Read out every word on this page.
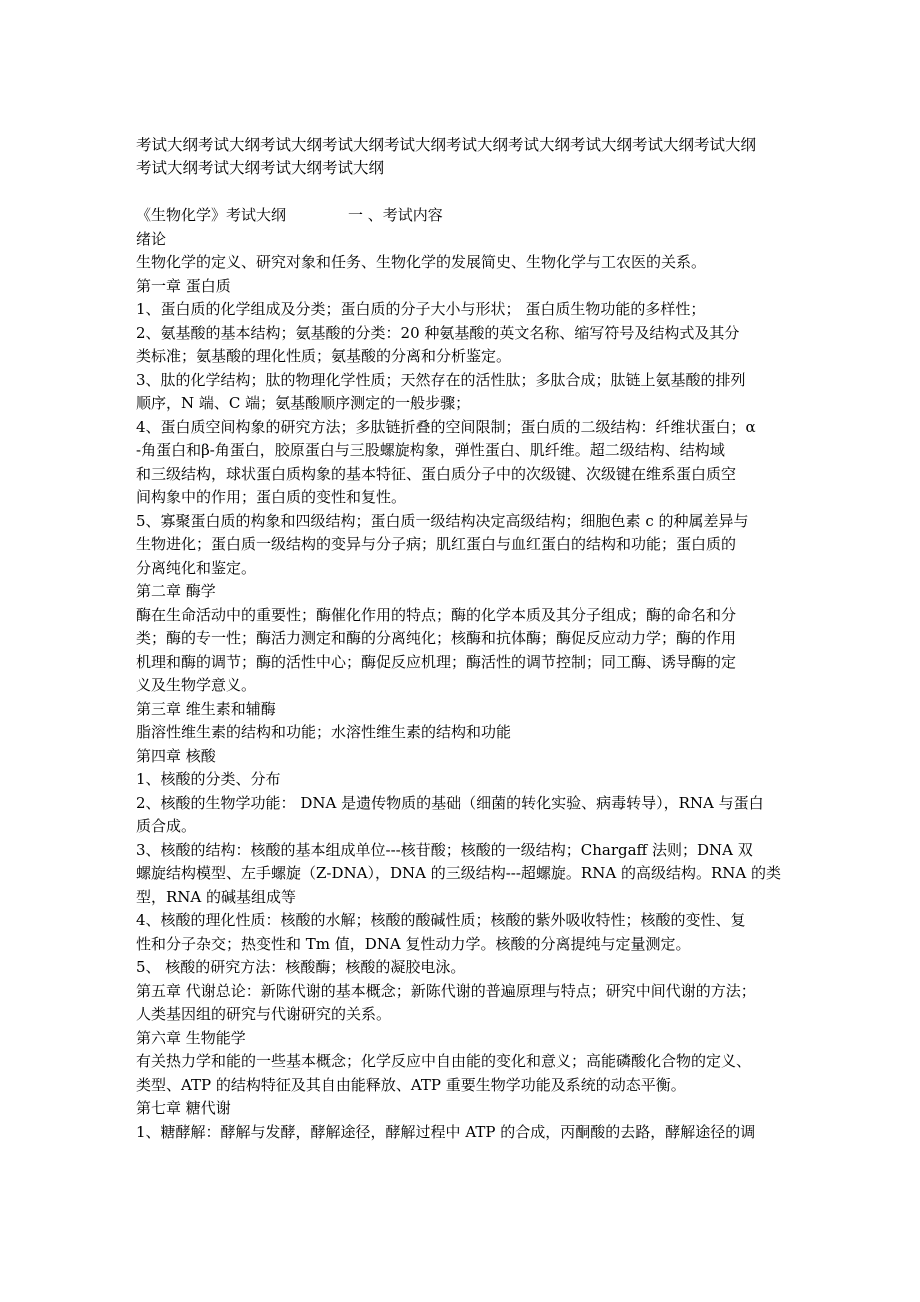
考试大纲考试大纲考试大纲考试大纲考试大纲考试大纲考试大纲考试大纲考试大纲考试大纲
考试大纲考试大纲考试大纲考试大纲
《生物化学》考试大纲	一 、考试内容
绪论
生物化学的定义、研究对象和任务、生物化学的发展简史、生物化学与工农医的关系。
第一章 蛋白质
1、蛋白质的化学组成及分类；蛋白质的分子大小与形状； 蛋白质生物功能的多样性；
2、氨基酸的基本结构；氨基酸的分类：20 种氨基酸的英文名称、缩写符号及结构式及其分
类标准；氨基酸的理化性质；氨基酸的分离和分析鉴定。
3、肽的化学结构；肽的物理化学性质；天然存在的活性肽；多肽合成；肽链上氨基酸的排列
顺序，N 端、C 端；氨基酸顺序测定的一般步骤；
4、蛋白质空间构象的研究方法；多肽链折叠的空间限制；蛋白质的二级结构：纤维状蛋白；α
-角蛋白和β-角蛋白，胶原蛋白与三股螺旋构象，弹性蛋白、肌纤维。超二级结构、结构域
和三级结构，球状蛋白质构象的基本特征、蛋白质分子中的次级键、次级键在维系蛋白质空
间构象中的作用；蛋白质的变性和复性。
5、寡聚蛋白质的构象和四级结构；蛋白质一级结构决定高级结构；细胞色素 c 的种属差异与
生物进化；蛋白质一级结构的变异与分子病；肌红蛋白与血红蛋白的结构和功能；蛋白质的
分离纯化和鉴定。
第二章 酶学
酶在生命活动中的重要性；酶催化作用的特点；酶的化学本质及其分子组成；酶的命名和分
类；酶的专一性；酶活力测定和酶的分离纯化；核酶和抗体酶；酶促反应动力学；酶的作用
机理和酶的调节；酶的活性中心；酶促反应机理；酶活性的调节控制；同工酶、诱导酶的定
义及生物学意义。
第三章 维生素和辅酶
脂溶性维生素的结构和功能；水溶性维生素的结构和功能
第四章 核酸
1、核酸的分类、分布
2、核酸的生物学功能： DNA 是遗传物质的基础（细菌的转化实验、病毒转导），RNA 与蛋白
质合成。
3、核酸的结构：核酸的基本组成单位---核苷酸；核酸的一级结构；Chargaff 法则；DNA 双
螺旋结构模型、左手螺旋（Z-DNA），DNA 的三级结构---超螺旋。RNA 的高级结构。RNA 的类
型，RNA 的碱基组成等
4、核酸的理化性质：核酸的水解；核酸的酸碱性质；核酸的紫外吸收特性；核酸的变性、复
性和分子杂交；热变性和 Tm 值，DNA 复性动力学。核酸的分离提纯与定量测定。
5、 核酸的研究方法：核酸酶；核酸的凝胶电泳。
第五章 代谢总论：新陈代谢的基本概念；新陈代谢的普遍原理与特点；研究中间代谢的方法；
人类基因组的研究与代谢研究的关系。
第六章 生物能学
有关热力学和能的一些基本概念；化学反应中自由能的变化和意义；高能磷酸化合物的定义、
类型、ATP 的结构特征及其自由能释放、ATP 重要生物学功能及系统的动态平衡。
第七章 糖代谢
1、糖酵解：酵解与发酵，酵解途径，酵解过程中 ATP 的合成，丙酮酸的去路，酵解途径的调
